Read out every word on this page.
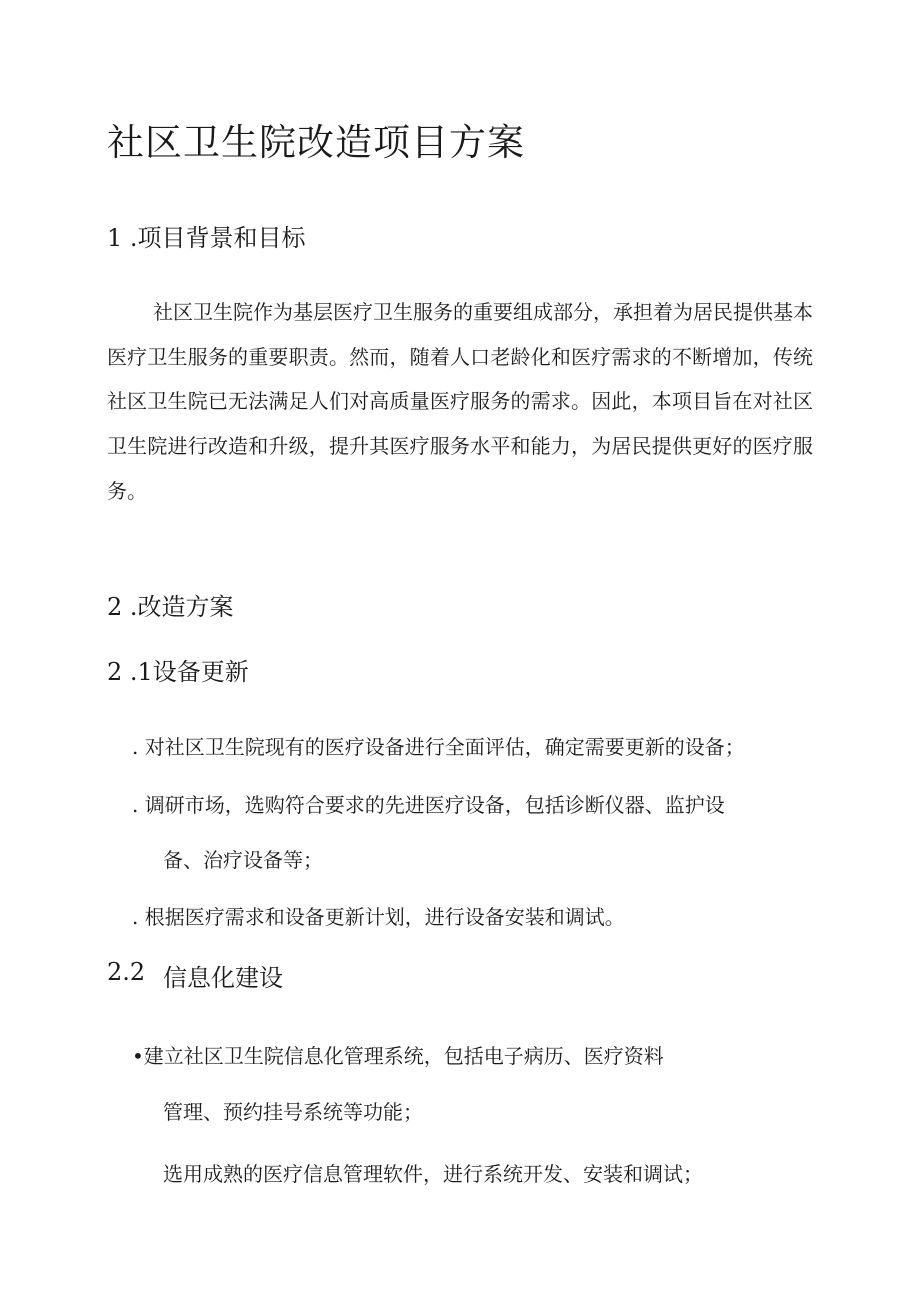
社区卫生院改造项目方案
1 .项目背景和目标

社区卫生院作为基层医疗卫生服务的重要组成部分，承担着为居民提供基本医疗卫生服务的重要职责。然而，随着人口老龄化和医疗需求的不断增加，传统社区卫生院已无法满足人们对高质量医疗服务的需求。因此，本项目旨在对社区卫生院进行改造和升级，提升其医疗服务水平和能力，为居民提供更好的医疗服务。

2 .改造方案
2 .1设备更新
. 对社区卫生院现有的医疗设备进行全面评估，确定需要更新的设备；
. 调研市场，选购符合要求的先进医疗设备，包括诊断仪器、监护设
备、治疗设备等；
. 根据医疗需求和设备更新计划，进行设备安装和调试。
2.2 信息化建设
•建立社区卫生院信息化管理系统，包括电子病历、医疗资料
管理、预约挂号系统等功能；
选用成熟的医疗信息管理软件，进行系统开发、安装和调试；
